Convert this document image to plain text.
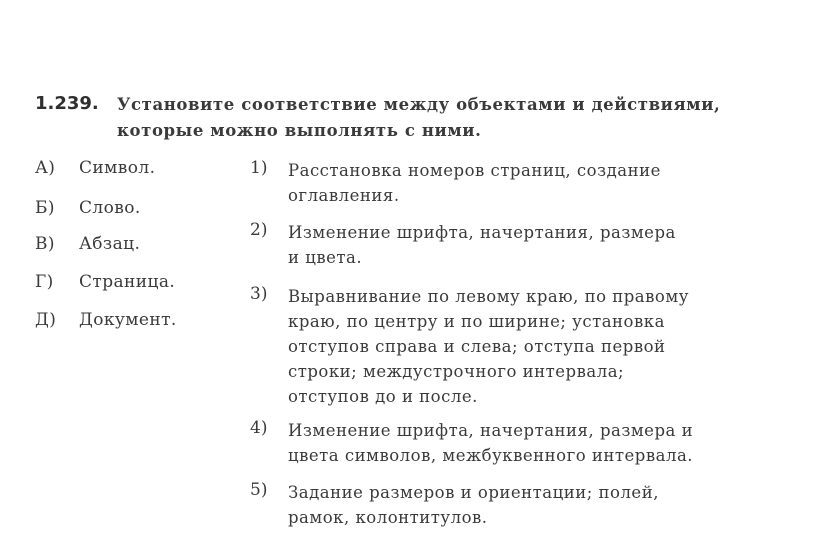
1.239. Установите соответствие между объектами и действиями,
которые можно выполнять с ними.
А) Символ.
Б) Слово.
В) Абзац.
Г) Страница.
Д) Документ.
1) Расстановка номеров страниц, создание
оглавления.
2) Изменение шрифта, начертания, размера
и цвета.
3) Выравнивание по левому краю, по правому
краю, по центру и по ширине; установка
отступов справа и слева; отступа первой
строки; междустрочного интервала;
отступов до и после.
4) Изменение шрифта, начертания, размера и
цвета символов, межбуквенного интервала.
5) Задание размеров и ориентации; полей,
рамок, колонтитулов.
